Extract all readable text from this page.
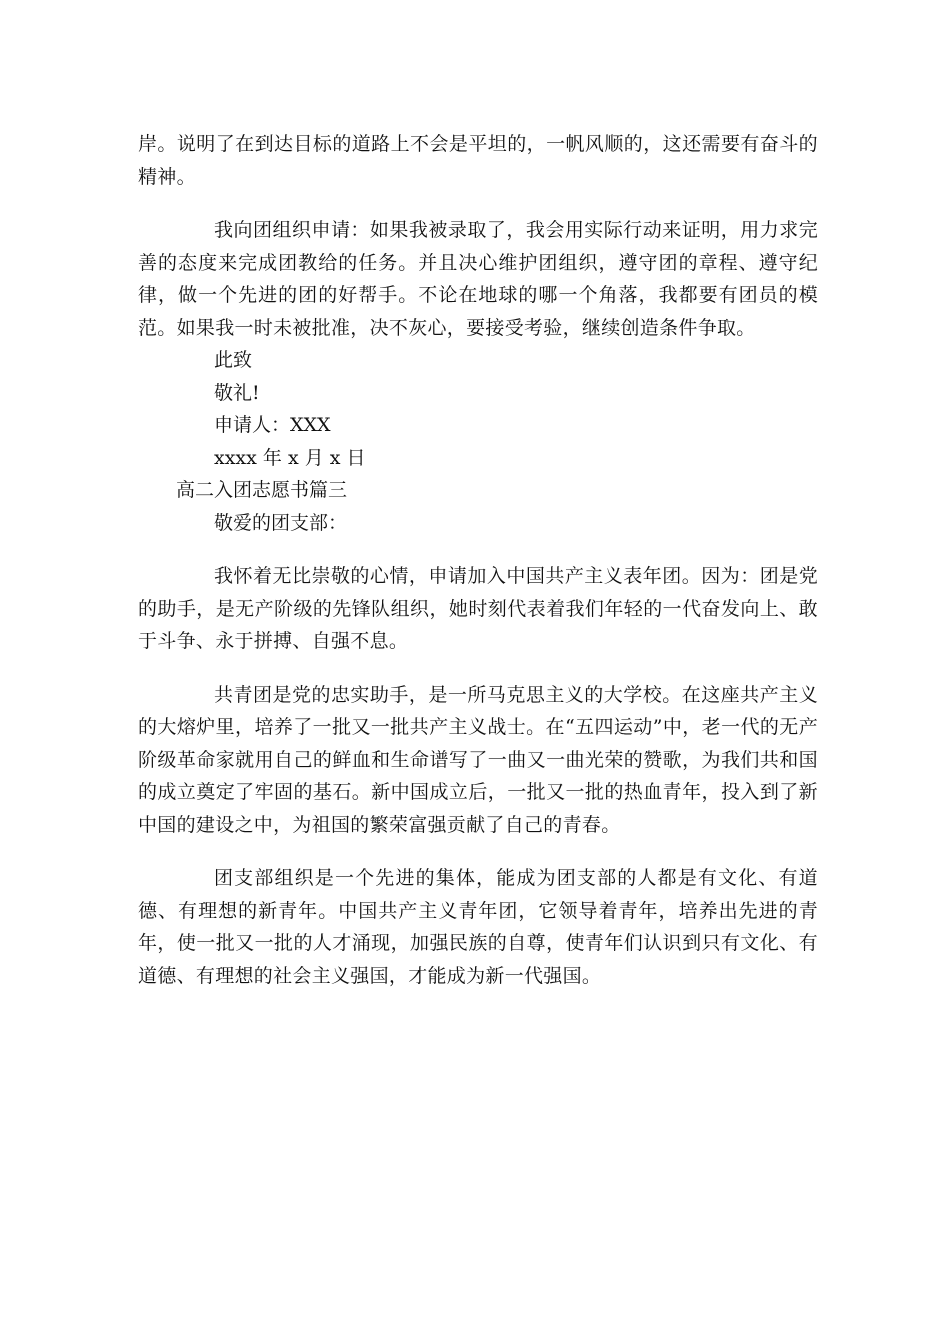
岸。说明了在到达目标的道路上不会是平坦的，一帆风顺的，这还需要有奋斗的精神。

我向团组织申请：如果我被录取了，我会用实际行动来证明，用力求完善的态度来完成团教给的任务。并且决心维护团组织，遵守团的章程、遵守纪律，做一个先进的团的好帮手。不论在地球的哪一个角落，我都要有团员的模范。如果我一时未被批准，决不灰心，要接受考验，继续创造条件争取。

此致

敬礼!

申请人：XXX

xxxx 年 x 月 x 日

高二入团志愿书篇三

敬爱的团支部：

我怀着无比崇敬的心情，申请加入中国共产主义表年团。因为：团是党的助手，是无产阶级的先锋队组织，她时刻代表着我们年轻的一代奋发向上、敢于斗争、永于拼搏、自强不息。

共青团是党的忠实助手，是一所马克思主义的大学校。在这座共产主义的大熔炉里，培养了一批又一批共产主义战士。在“五四运动”中，老一代的无产阶级革命家就用自己的鲜血和生命谱写了一曲又一曲光荣的赞歌，为我们共和国的成立奠定了牢固的基石。新中国成立后，一批又一批的热血青年，投入到了新中国的建设之中，为祖国的繁荣富强贡献了自己的青春。

团支部组织是一个先进的集体，能成为团支部的人都是有文化、有道德、有理想的新青年。中国共产主义青年团，它领导着青年，培养出先进的青年，使一批又一批的人才涌现，加强民族的自尊，使青年们认识到只有文化、有道德、有理想的社会主义强国，才能成为新一代强国。
